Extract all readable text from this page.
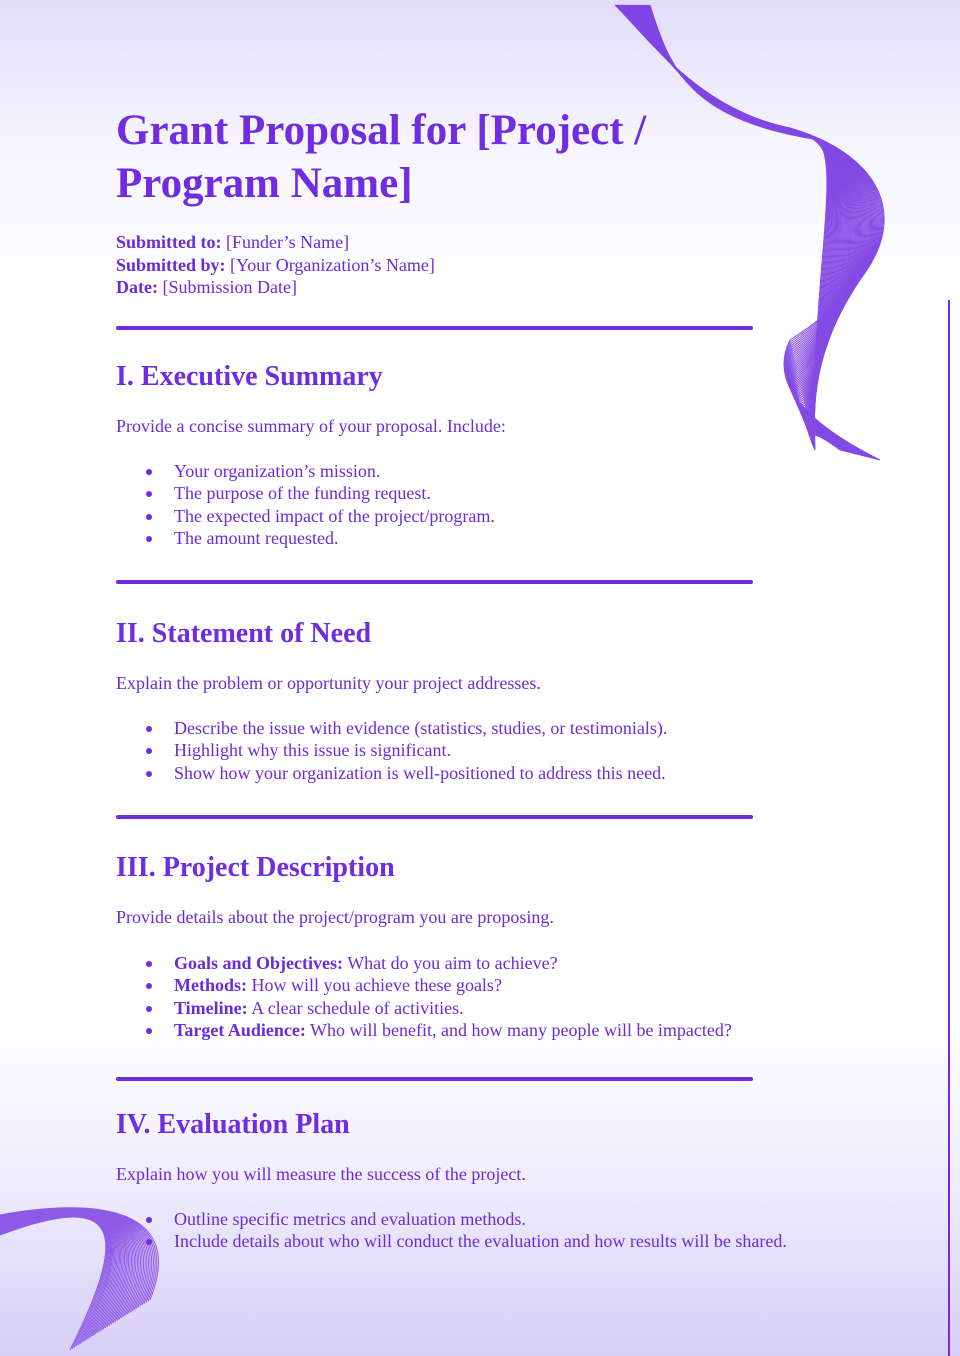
Grant Proposal for [Project / Program Name]
Submitted to: [Funder’s Name]
Submitted by: [Your Organization’s Name]
Date: [Submission Date]
I. Executive Summary

Provide a concise summary of your proposal. Include:

Your organization’s mission.
The purpose of the funding request.
The expected impact of the project/program.
The amount requested.
II. Statement of Need

Explain the problem or opportunity your project addresses.

Describe the issue with evidence (statistics, studies, or testimonials).
Highlight why this issue is significant.
Show how your organization is well-positioned to address this need.
III. Project Description

Provide details about the project/program you are proposing.

Goals and Objectives: What do you aim to achieve?
Methods: How will you achieve these goals?
Timeline: A clear schedule of activities.
Target Audience: Who will benefit, and how many people will be impacted?
IV. Evaluation Plan

Explain how you will measure the success of the project.

Outline specific metrics and evaluation methods.
Include details about who will conduct the evaluation and how results will be shared.
